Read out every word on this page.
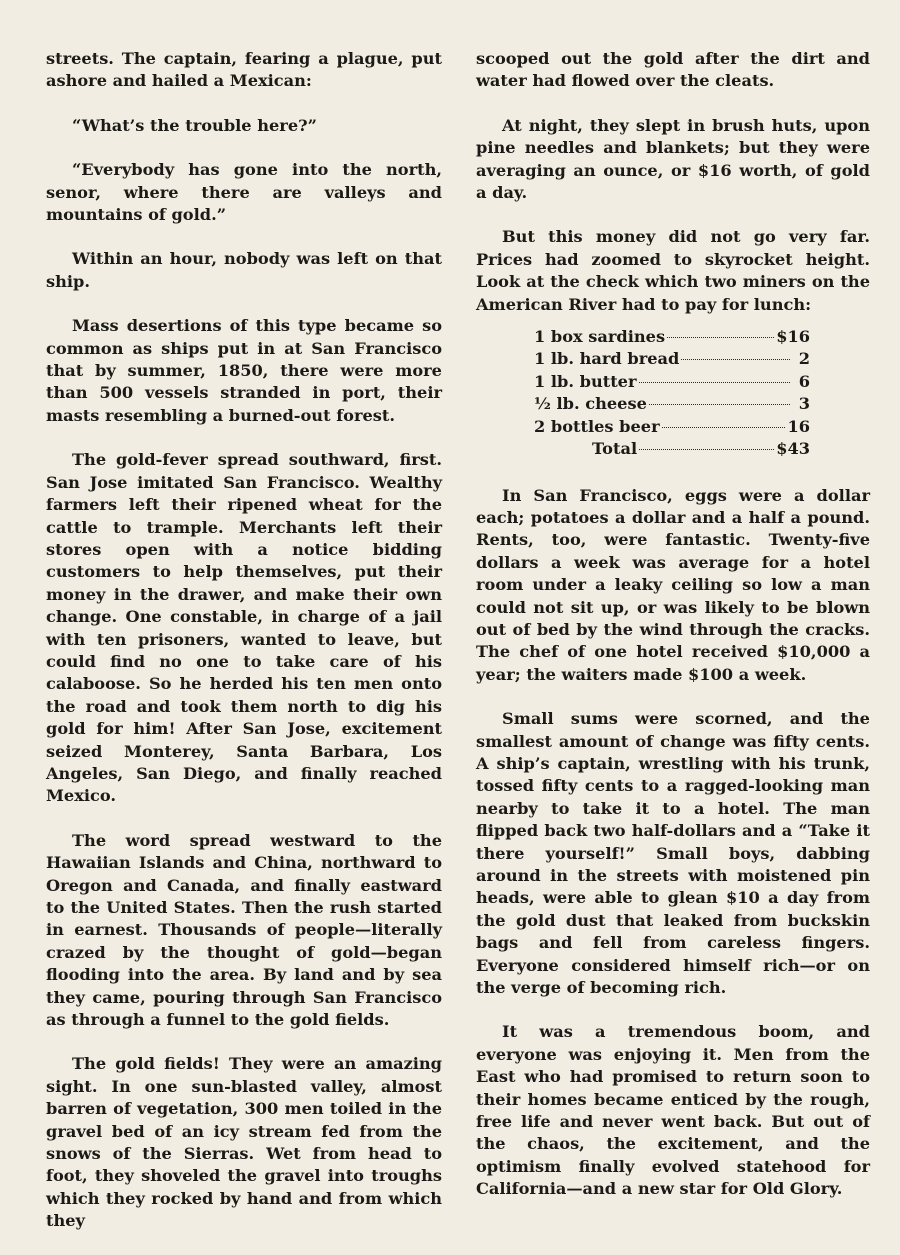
streets. The captain, fearing a plague, put ashore and hailed a Mexican:

“What’s the trouble here?”

“Everybody has gone into the north, senor, where there are valleys and mountains of gold.”

Within an hour, nobody was left on that ship.

Mass desertions of this type became so common as ships put in at San Francisco that by summer, 1850, there were more than 500 vessels stranded in port, their masts resembling a burned-out forest.

The gold-fever spread southward, first. San Jose imitated San Francisco. Wealthy farmers left their ripened wheat for the cattle to trample. Merchants left their stores open with a notice bidding customers to help themselves, put their money in the drawer, and make their own change. One constable, in charge of a jail with ten prisoners, wanted to leave, but could find no one to take care of his calaboose. So he herded his ten men onto the road and took them north to dig his gold for him! After San Jose, excitement seized Monterey, Santa Barbara, Los Angeles, San Diego, and finally reached Mexico.

The word spread westward to the Hawaiian Islands and China, northward to Oregon and Canada, and finally eastward to the United States. Then the rush started in earnest. Thousands of people—literally crazed by the thought of gold—began flooding into the area. By land and by sea they came, pouring through San Francisco as through a funnel to the gold fields.

The gold fields! They were an amazing sight. In one sun-blasted valley, almost barren of vegetation, 300 men toiled in the gravel bed of an icy stream fed from the snows of the Sierras. Wet from head to foot, they shoveled the gravel into troughs which they rocked by hand and from which they

scooped out the gold after the dirt and water had flowed over the cleats.

At night, they slept in brush huts, upon pine needles and blankets; but they were averaging an ounce, or $16 worth, of gold a day.

But this money did not go very far. Prices had zoomed to skyrocket height. Look at the check which two miners on the American River had to pay for lunch:

1 box sardines	$16
1 lb. hard bread	2
1 lb. butter	6
½ lb. cheese	3
2 bottles beer	16
Total	$43

In San Francisco, eggs were a dollar each; potatoes a dollar and a half a pound. Rents, too, were fantastic. Twenty-five dollars a week was average for a hotel room under a leaky ceiling so low a man could not sit up, or was likely to be blown out of bed by the wind through the cracks. The chef of one hotel received $10,000 a year; the waiters made $100 a week.

Small sums were scorned, and the smallest amount of change was fifty cents. A ship’s captain, wrestling with his trunk, tossed fifty cents to a ragged-looking man nearby to take it to a hotel. The man flipped back two half-dollars and a “Take it there yourself!” Small boys, dabbing around in the streets with moistened pin heads, were able to glean $10 a day from the gold dust that leaked from buckskin bags and fell from careless fingers. Everyone considered himself rich—or on the verge of becoming rich.

It was a tremendous boom, and everyone was enjoying it. Men from the East who had promised to return soon to their homes became enticed by the rough, free life and never went back. But out of the chaos, the excitement, and the optimism finally evolved statehood for California—and a new star for Old Glory.
